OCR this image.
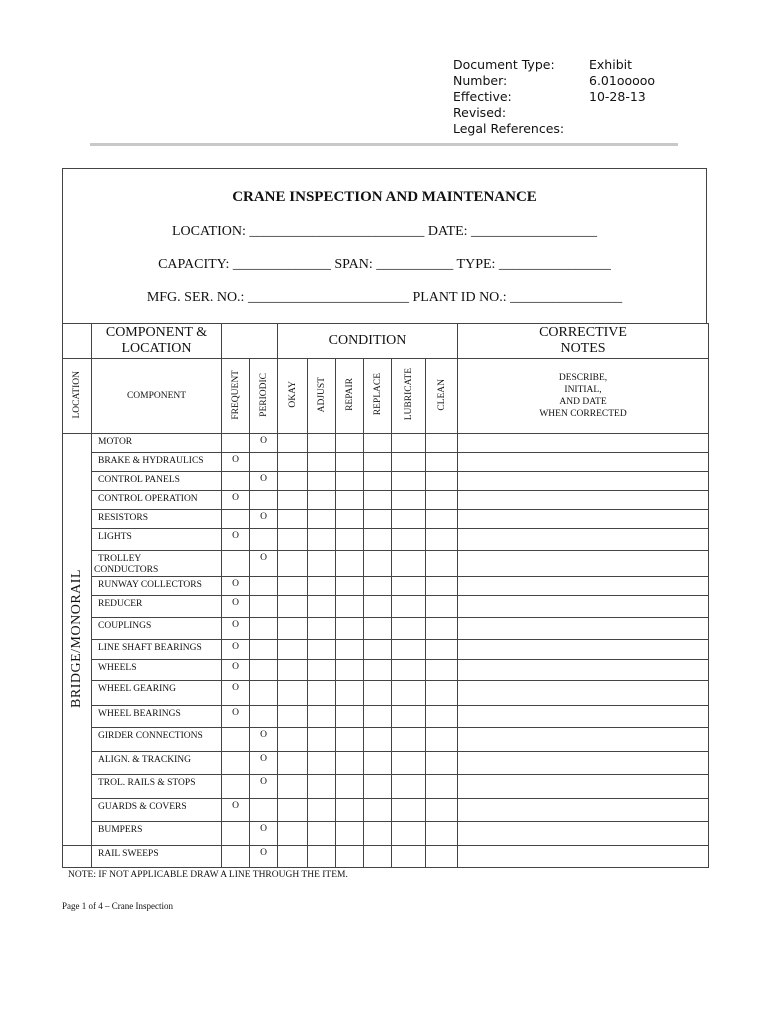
Document Type:	Exhibit
Number:	6.01ooooo
Effective:	10-28-13
Revised:
Legal References:
CRANE INSPECTION AND MAINTENANCE
LOCATION: _________________________ DATE: __________________
CAPACITY: ______________ SPAN: ___________ TYPE: ________________
MFG. SER. NO.: _______________________ PLANT ID NO.: ________________
	COMPONENT & LOCATION			CONDITION						CORRECTIVE NOTES
LOCATION	COMPONENT	FREQUENT	PERIODIC	OKAY	ADJUST	REPAIR	REPLACE	LUBRICATE	CLEAN	DESCRIBE,
INITIAL,
AND DATE
WHEN CORRECTED

BRIDGE/MONORAIL	MOTOR		O							

	BRAKE & HYDRAULICS	O								

	CONTROL PANELS		O							

	CONTROL OPERATION	O								

	RESISTORS		O							

	LIGHTS	O								

	TROLLEY
CONDUCTORS		O							

	RUNWAY COLLECTORS	O								

	REDUCER	O								

	COUPLINGS	O								

	LINE SHAFT BEARINGS	O								

	WHEELS	O								

	WHEEL GEARING	O								

	WHEEL BEARINGS	O								

	GIRDER CONNECTIONS		O							

	ALIGN. & TRACKING		O							

	TROL. RAILS & STOPS		O							

	GUARDS & COVERS	O								

	BUMPERS		O							

	RAIL SWEEPS		O							
NOTE: IF NOT APPLICABLE DRAW A LINE THROUGH THE ITEM.
Page 1 of 4 – Crane Inspection
